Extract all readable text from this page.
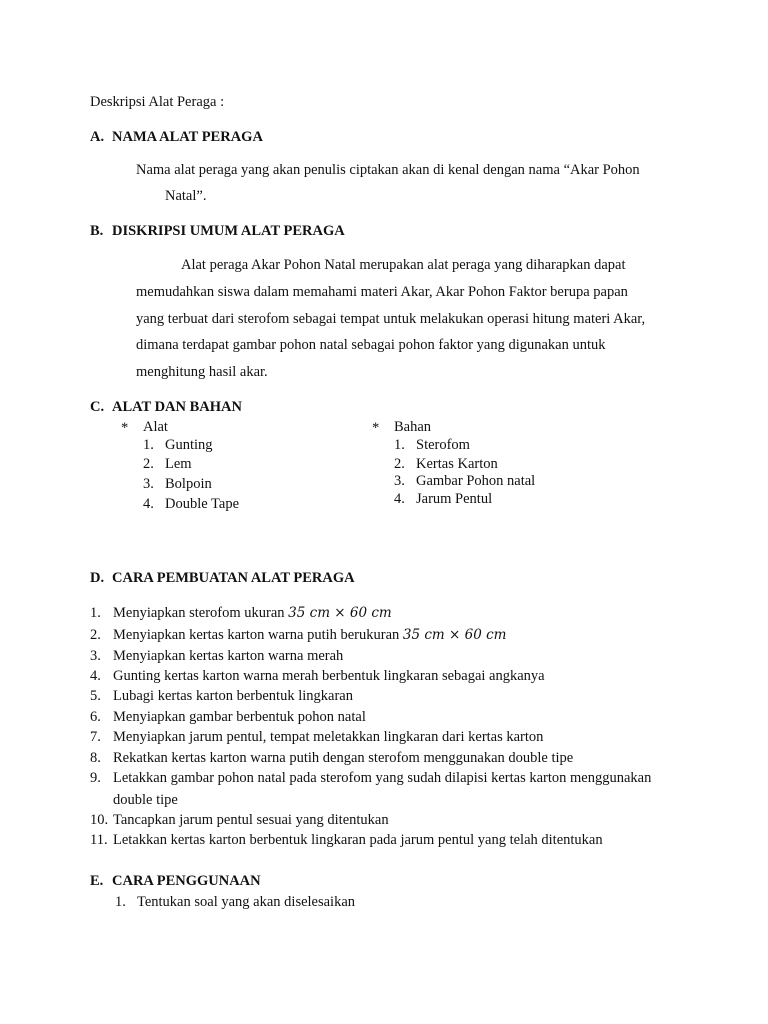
Deskripsi Alat Peraga :
A. NAMA ALAT PERAGA
Nama alat peraga yang akan penulis ciptakan akan di kenal dengan nama “Akar Pohon
Natal”.
B. DISKRIPSI UMUM ALAT PERAGA
Alat peraga Akar Pohon Natal merupakan alat peraga yang diharapkan dapat
memudahkan siswa dalam memahami materi Akar, Akar Pohon Faktor berupa papan
yang terbuat dari sterofom sebagai tempat untuk melakukan operasi hitung materi Akar,
dimana terdapat gambar pohon natal sebagai pohon faktor yang digunakan untuk
menghitung hasil akar.
C. ALAT DAN BAHAN
* Alat
1. Gunting
2. Lem
3. Bolpoin
4. Double Tape
* Bahan
1. Sterofom
2. Kertas Karton
3. Gambar Pohon natal
4. Jarum Pentul
D. CARA PEMBUATAN ALAT PERAGA
1. Menyiapkan sterofom ukuran 35 cm × 60 cm
2. Menyiapkan kertas karton warna putih berukuran 35 cm × 60 cm
3. Menyiapkan kertas karton warna merah
4. Gunting kertas karton warna merah berbentuk lingkaran sebagai angkanya
5. Lubagi kertas karton berbentuk lingkaran
6. Menyiapkan gambar berbentuk pohon natal
7. Menyiapkan jarum pentul, tempat meletakkan lingkaran dari kertas karton
8. Rekatkan kertas karton warna putih dengan sterofom menggunakan double tipe
9. Letakkan gambar pohon natal pada sterofom yang sudah dilapisi kertas karton menggunakan
double tipe
10. Tancapkan jarum pentul sesuai yang ditentukan
11. Letakkan kertas karton berbentuk lingkaran pada jarum pentul yang telah ditentukan
E. CARA PENGGUNAAN
1. Tentukan soal yang akan diselesaikan
